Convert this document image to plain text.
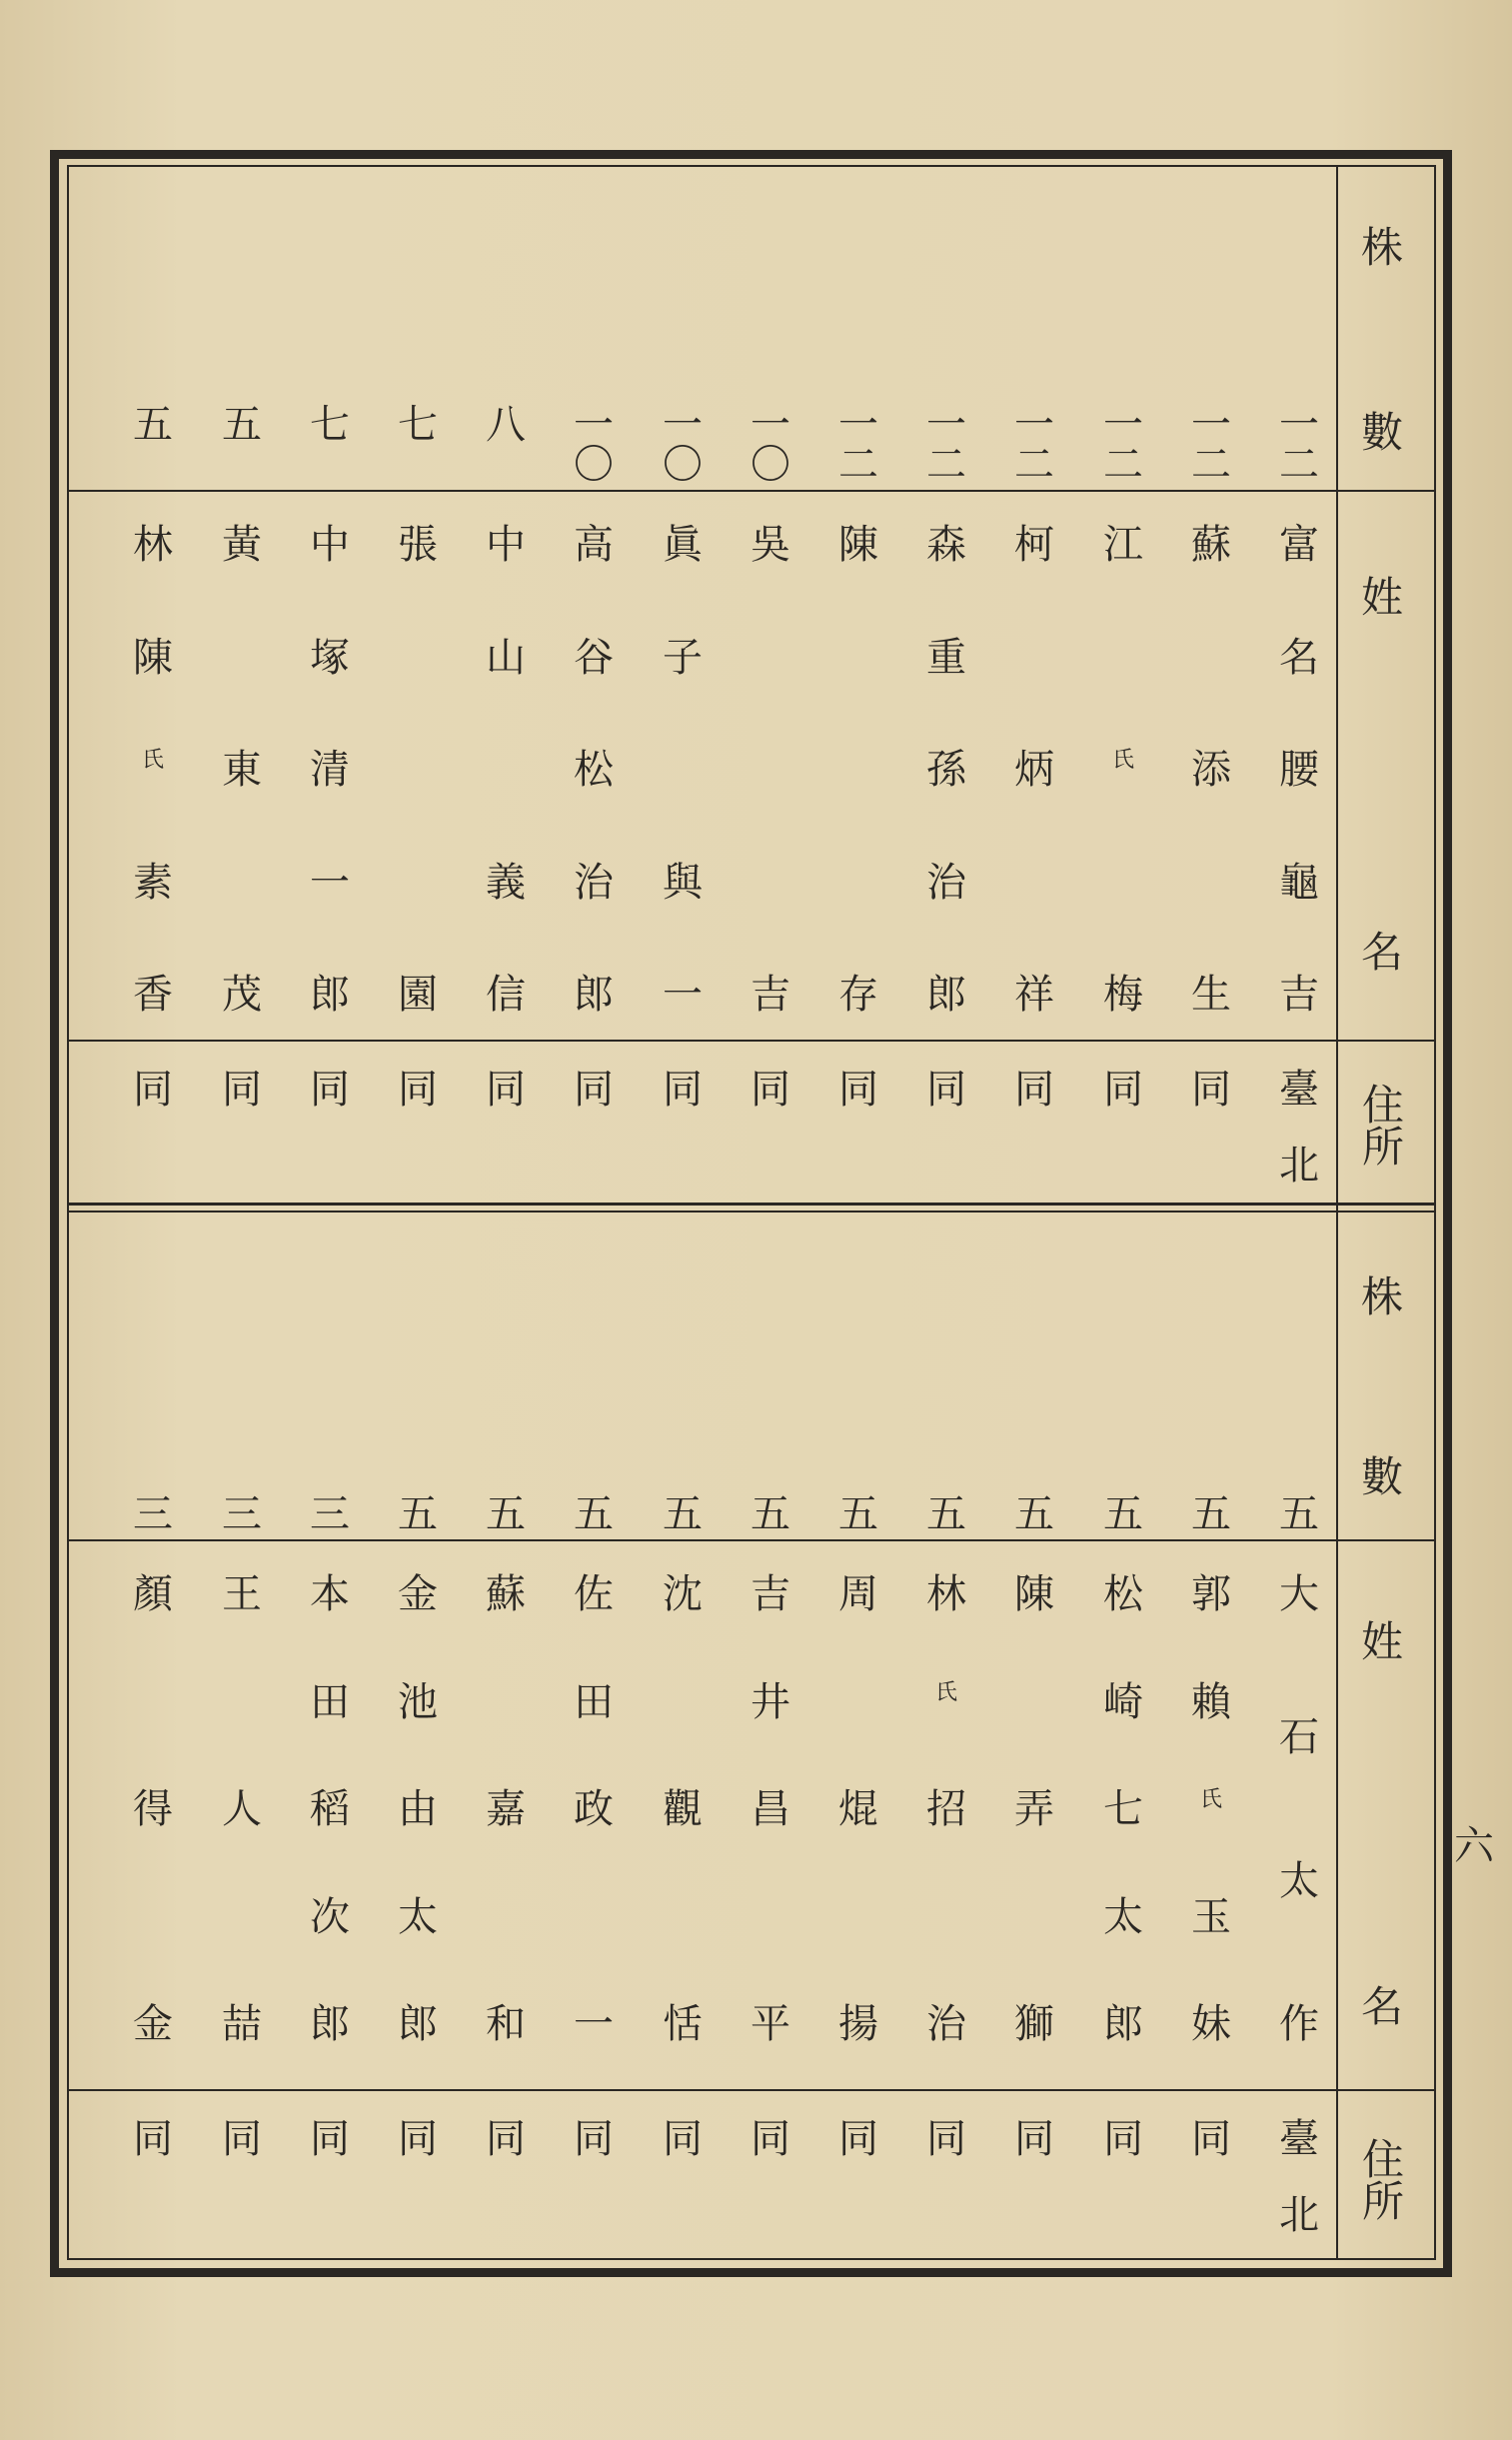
株
數
姓
名
住所
株
數
姓
名
住所
六
一
二
富
名
腰
龜
吉
臺
北
一
二
蘇
添
生
同
一
二
江
氏
梅
同
一
二
柯
炳
祥
同
一
二
森
重
孫
治
郎
同
一
二
陳
存
同
一
〇
吳
吉
同
一
〇
眞
子
與
一
同
一
〇
高
谷
松
治
郎
同
八
中
山
義
信
同
七
張
園
同
七
中
塚
清
一
郎
同
五
黃
東
茂
同
五
林
陳
氏
素
香
同
五
大
石
太
作
臺
北
五
郭
賴
氏
玉
妹
同
五
松
崎
七
太
郎
同
五
陳
弄
獅
同
五
林
氏
招
治
同
五
周
焜
揚
同
五
吉
井
昌
平
同
五
沈
觀
恬
同
五
佐
田
政
一
同
五
蘇
嘉
和
同
五
金
池
由
太
郎
同
三
本
田
稻
次
郎
同
三
王
人
喆
同
三
顏
得
金
同
